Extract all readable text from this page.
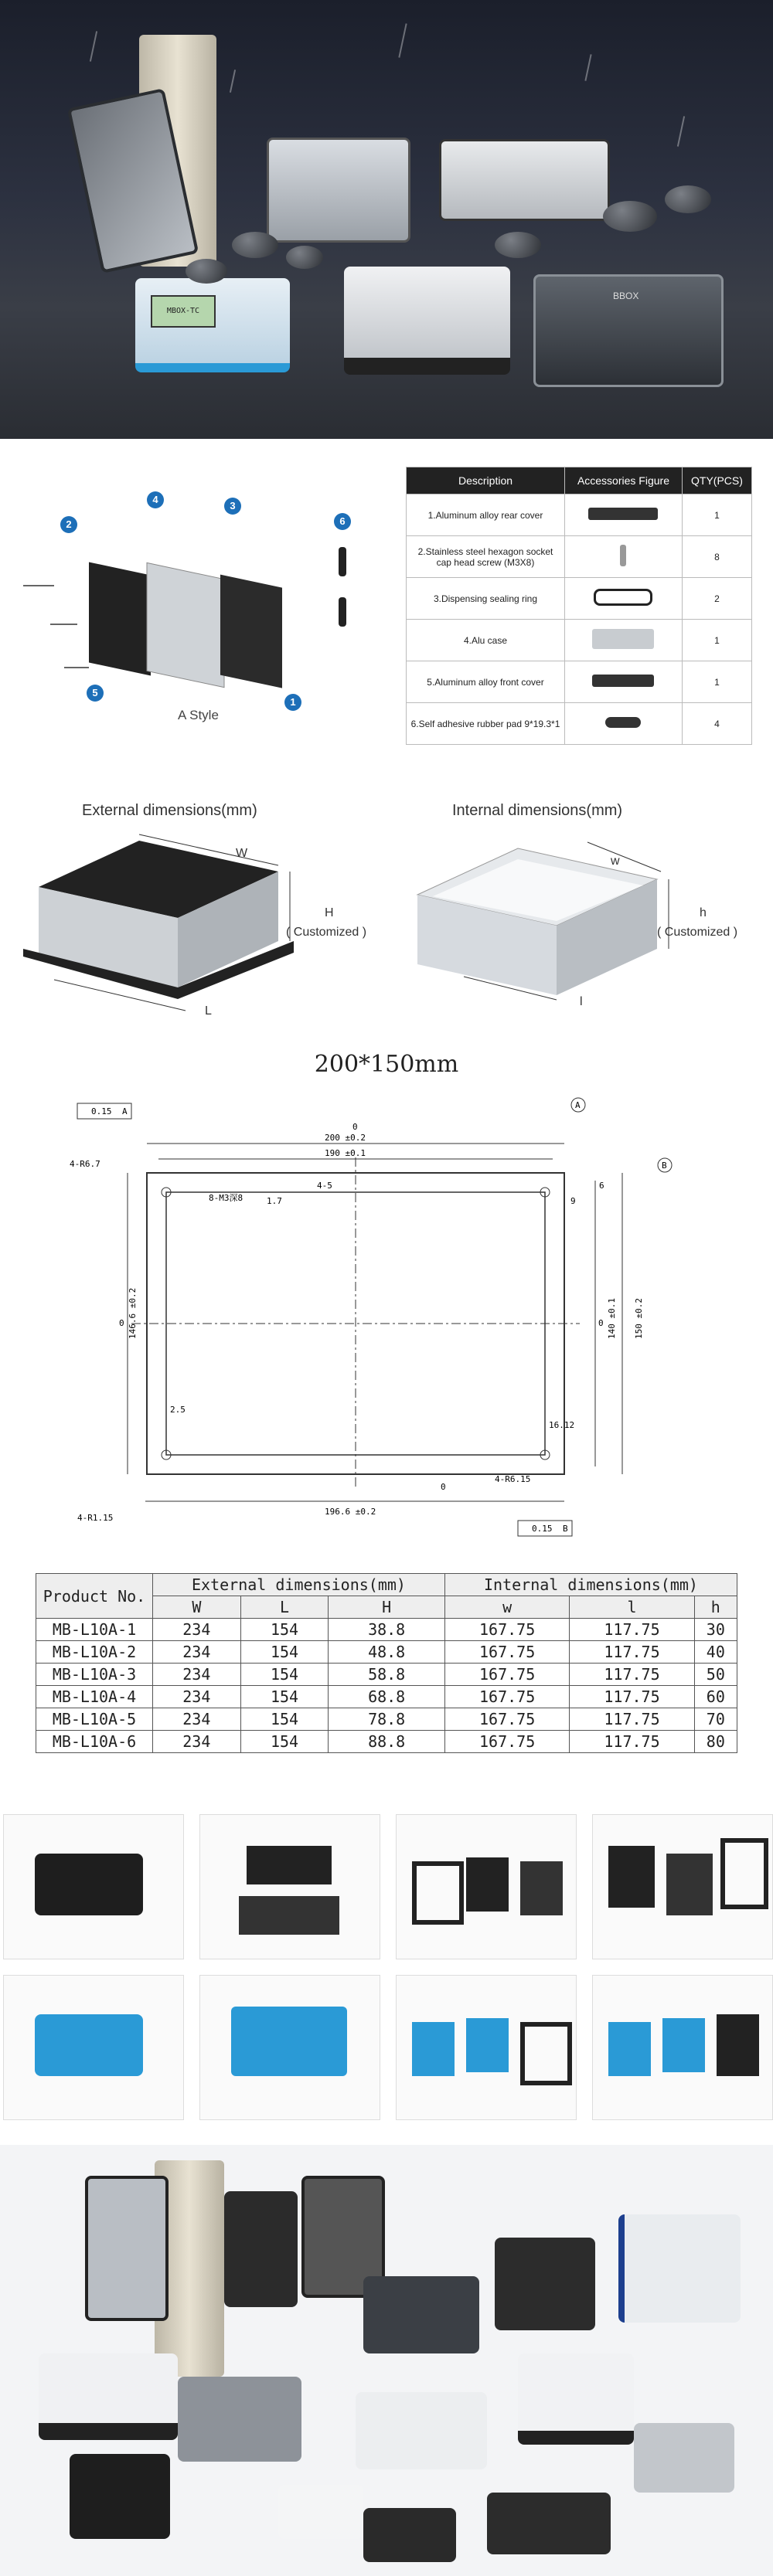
MBOX-TC
BBOX
1
2
3
4
5
6
A Style
Description	Accessories Figure	QTY(PCS)
1.Aluminum alloy rear cover		1
2.Stainless steel hexagon socket cap head screw (M3X8)		8
3.Dispensing sealing ring		2
4.Alu case		1
5.Aluminum alloy front cover		1
6.Self adhesive rubber pad 9*19.3*1		4
External dimensions(mm)	Internal dimensions(mm)
W
H
( Customized )
L
w
h
( Customized )
l
200*150mm
200 ±0.2
190 ±0.1
146.6 ±0.2	140 ±0.1 150 ±0.2
196.6 ±0.2
2.5
4-R6.7
8-M3深8
4-R6.15
4-R1.15
4-5	6
1.7
0
0	0
0
9
16.12
0.15 A
0.15 B
A
B
Product No.	External dimensions(mm)			Internal dimensions(mm)		
	W	L	H	w	l	h
MB-L10A-1	234	154	38.8	167.75	117.75	30
MB-L10A-2	234	154	48.8	167.75	117.75	40
MB-L10A-3	234	154	58.8	167.75	117.75	50
MB-L10A-4	234	154	68.8	167.75	117.75	60
MB-L10A-5	234	154	78.8	167.75	117.75	70
MB-L10A-6	234	154	88.8	167.75	117.75	80
